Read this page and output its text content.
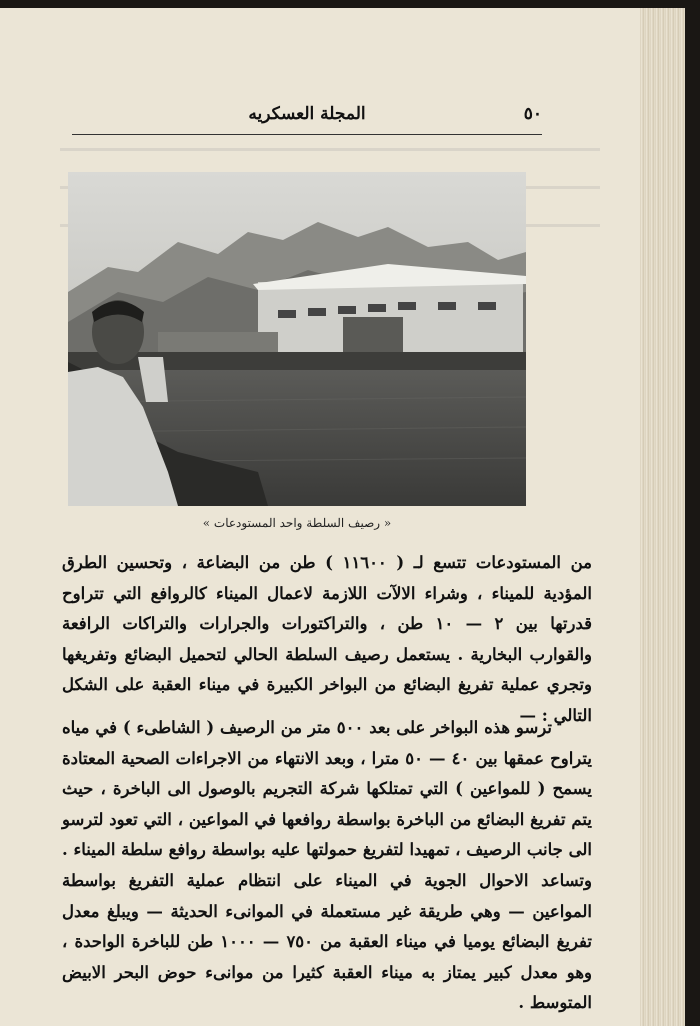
المجلة العسكريه	٥٠
« رصيف السلطة واحد المستودعات »

من المستودعات تتسع لـ ( ١١٦٠٠ ) طن من البضاعة ، وتحسين الطرق المؤدية للميناء ، وشراء الالآت اللازمة لاعمال الميناء كالروافع التي تتراوح قدرتها بين ٢ — ١٠ طن ، والتراكتورات والجرارات والتراكات الرافعة والقوارب البخارية . يستعمل رصيف السلطة الحالي لتحميل البضائع وتفريغها وتجري عملية تفريغ البضائع من البواخر الكبيرة في ميناء العقبة على الشكل التالي : —

ترسو هذه البواخر على بعد ٥٠٠ متر من الرصيف ( الشاطىء ) في مياه يتراوح عمقها بين ٤٠ — ٥٠ مترا ، وبعد الانتهاء من الاجراءات الصحية المعتادة يسمح ( للمواعين ) التي تمتلكها شركة التجريم بالوصول الى الباخرة ، حيث يتم تفريغ البضائع من الباخرة بواسطة روافعها في المواعين ، التي تعود لترسو الى جانب الرصيف ، تمهيدا لتفريغ حمولتها عليه بواسطة روافع سلطة الميناء . وتساعد الاحوال الجوية في الميناء على انتظام عملية التفريغ بواسطة المواعين — وهي طريقة غير مستعملة في الموانىء الحديثة — ويبلغ معدل تفريغ البضائع يوميا في ميناء العقبة من ٧٥٠ — ١٠٠٠ طن للباخرة الواحدة ، وهو معدل كبير يمتاز به ميناء العقبة كثيرا من موانىء حوض البحر الابيض المتوسط .
